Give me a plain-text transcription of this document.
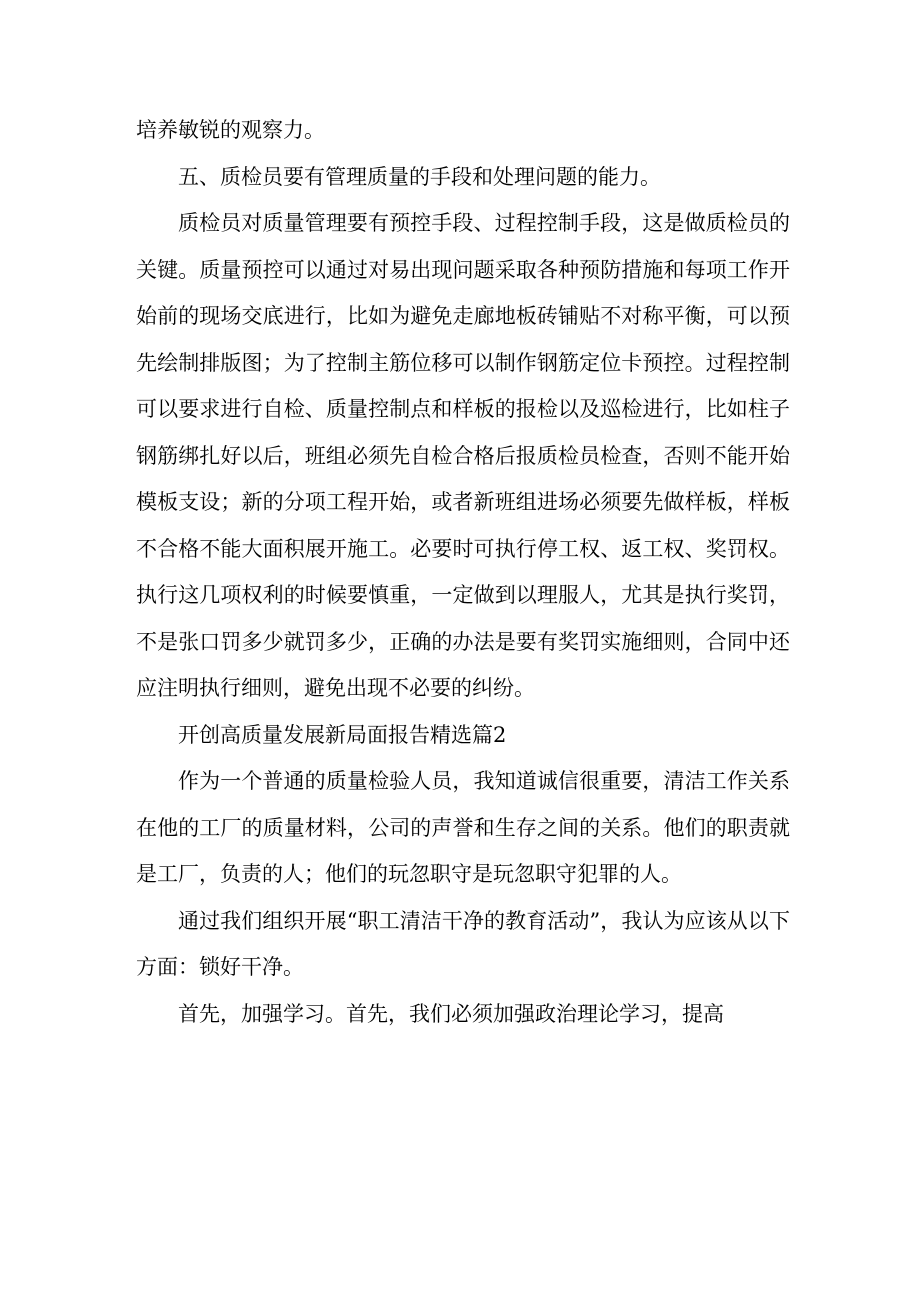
培养敏锐的观察力。

五、质检员要有管理质量的手段和处理问题的能力。

质检员对质量管理要有预控手段、过程控制手段，这是做质检员的关键。质量预控可以通过对易出现问题采取各种预防措施和每项工作开始前的现场交底进行，比如为避免走廊地板砖铺贴不对称平衡，可以预先绘制排版图；为了控制主筋位移可以制作钢筋定位卡预控。过程控制可以要求进行自检、质量控制点和样板的报检以及巡检进行，比如柱子钢筋绑扎好以后，班组必须先自检合格后报质检员检查，否则不能开始模板支设；新的分项工程开始，或者新班组进场必须要先做样板，样板不合格不能大面积展开施工。必要时可执行停工权、返工权、奖罚权。执行这几项权利的时候要慎重，一定做到以理服人，尤其是执行奖罚，不是张口罚多少就罚多少，正确的办法是要有奖罚实施细则，合同中还应注明执行细则，避免出现不必要的纠纷。

开创高质量发展新局面报告精选篇2

作为一个普通的质量检验人员，我知道诚信很重要，清洁工作关系在他的工厂的质量材料，公司的声誉和生存之间的关系。他们的职责就是工厂，负责的人；他们的玩忽职守是玩忽职守犯罪的人。

通过我们组织开展“职工清洁干净的教育活动”，我认为应该从以下方面：锁好干净。

首先，加强学习。首先，我们必须加强政治理论学习，提高
